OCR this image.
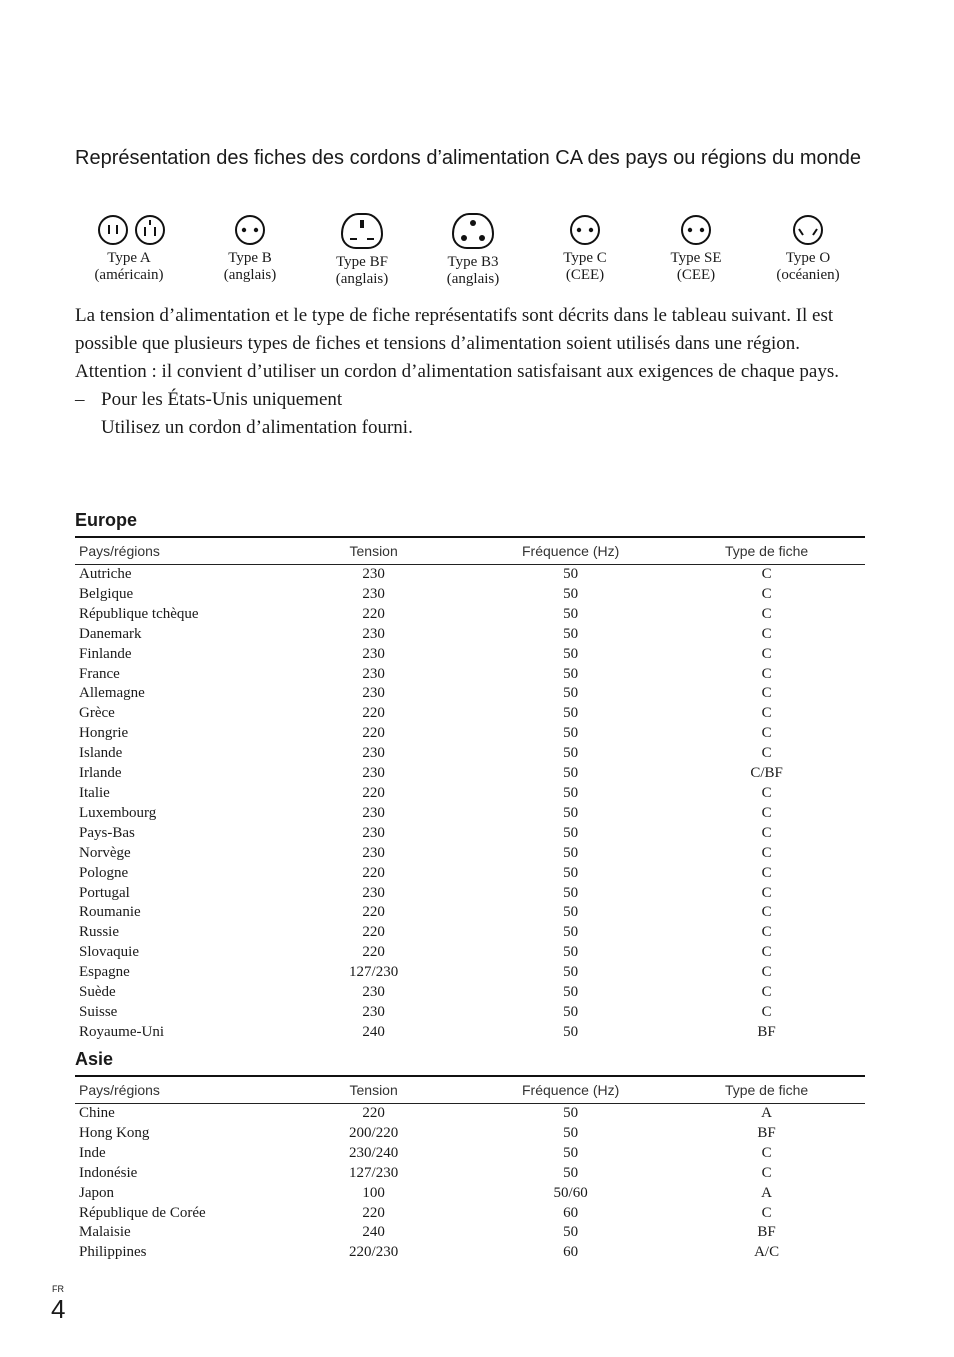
Représentation des fiches des cordons d’alimentation CA des pays ou régions du monde
Type A
(américain)
Type B
(anglais)
Type BF
(anglais)
Type B3
(anglais)
Type C
(CEE)
Type SE
(CEE)
Type O
(océanien)

La tension d’alimentation et le type de fiche représentatifs sont décrits dans le tableau suivant. Il est possible que plusieurs types de fiches et tensions d’alimentation soient utilisés dans une région.

Attention : il convient d’utiliser un cordon d’alimentation satisfaisant aux exigences de chaque pays.

– Pour les États-Unis uniquement

Utilisez un cordon d’alimentation fourni.

Europe
Pays/régions	Tension	Fréquence (Hz)	Type de fiche
Autriche	230	50	C
Belgique	230	50	C
République tchèque	220	50	C
Danemark	230	50	C
Finlande	230	50	C
France	230	50	C
Allemagne	230	50	C
Grèce	220	50	C
Hongrie	220	50	C
Islande	230	50	C
Irlande	230	50	C/BF
Italie	220	50	C
Luxembourg	230	50	C
Pays-Bas	230	50	C
Norvège	230	50	C
Pologne	220	50	C
Portugal	230	50	C
Roumanie	220	50	C
Russie	220	50	C
Slovaquie	220	50	C
Espagne	127/230	50	C
Suède	230	50	C
Suisse	230	50	C
Royaume-Uni	240	50	BF
Asie
Pays/régions	Tension	Fréquence (Hz)	Type de fiche
Chine	220	50	A
Hong Kong	200/220	50	BF
Inde	230/240	50	C
Indonésie	127/230	50	C
Japon	100	50/60	A
République de Corée	220	60	C
Malaisie	240	50	BF
Philippines	220/230	60	A/C
FR
4
